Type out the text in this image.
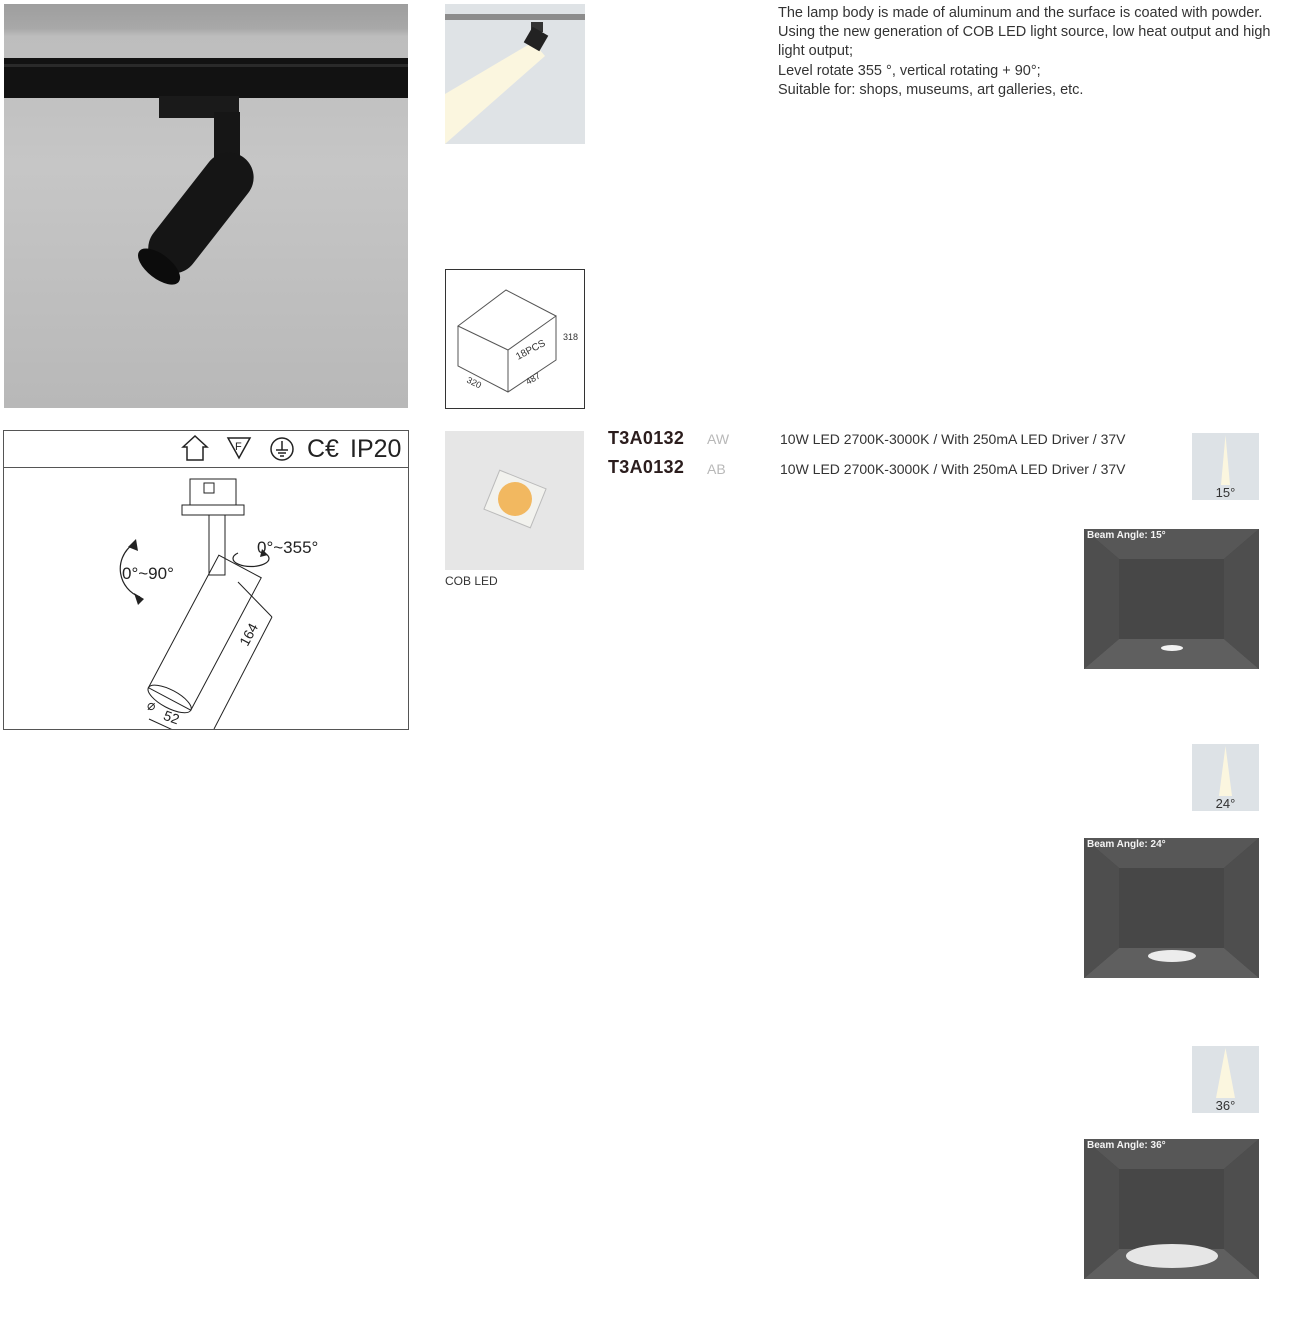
18PCS
318
320	487
F	C€ IP20
0°~90°
0°~355°
164
⌀
52
The lamp body is made of aluminum and the surface is coated with powder.
Using the new generation of COB LED light source, low heat output and high
light output;
Level rotate 355 °, vertical rotating + 90°;
Suitable for: shops, museums, art galleries, etc.
COB LED
T3A0132 AW	10W LED 2700K-3000K / With 250mA LED Driver / 37V
T3A0132 AB	10W LED 2700K-3000K / With 250mA LED Driver / 37V
15°
24°
36°
Beam Angle: 15°
Beam Angle: 24°
Beam Angle: 36°
